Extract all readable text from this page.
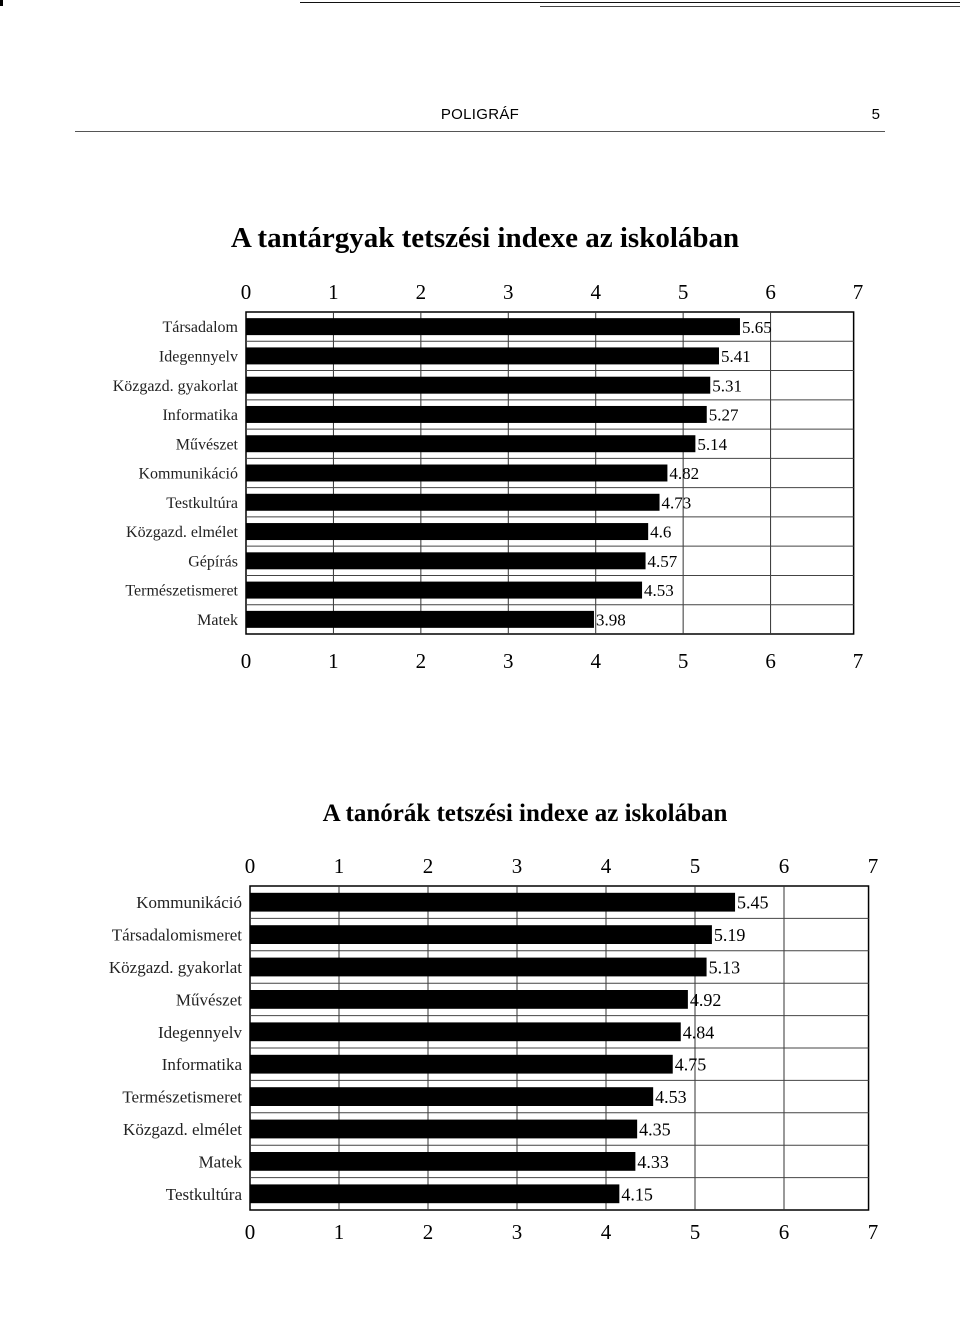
POLIGRÁF	5
A tantárgyak tetszési indexe az iskolában
0
0
1
1
2
2
3
3
4
4
5
5
6
6
7
7
Társadalom	5.65
Idegennyelv	5.41
Közgazd. gyakorlat	5.31
Informatika	5.27
Művészet	5.14
Kommunikáció	4.82
Testkultúra	4.73
Közgazd. elmélet	4.6
Gépírás	4.57
Természetismeret	4.53
Matek	3.98
A tanórák tetszési indexe az iskolában
0
0
1
1
2
2
3
3
4
4
5
5
6
6
7
7
Kommunikáció	5.45
Társadalomismeret	5.19
Közgazd. gyakorlat	5.13
Művészet	4.92
Idegennyelv	4.84
Informatika	4.75
Természetismeret	4.53
Közgazd. elmélet	4.35
Matek	4.33
Testkultúra	4.15
